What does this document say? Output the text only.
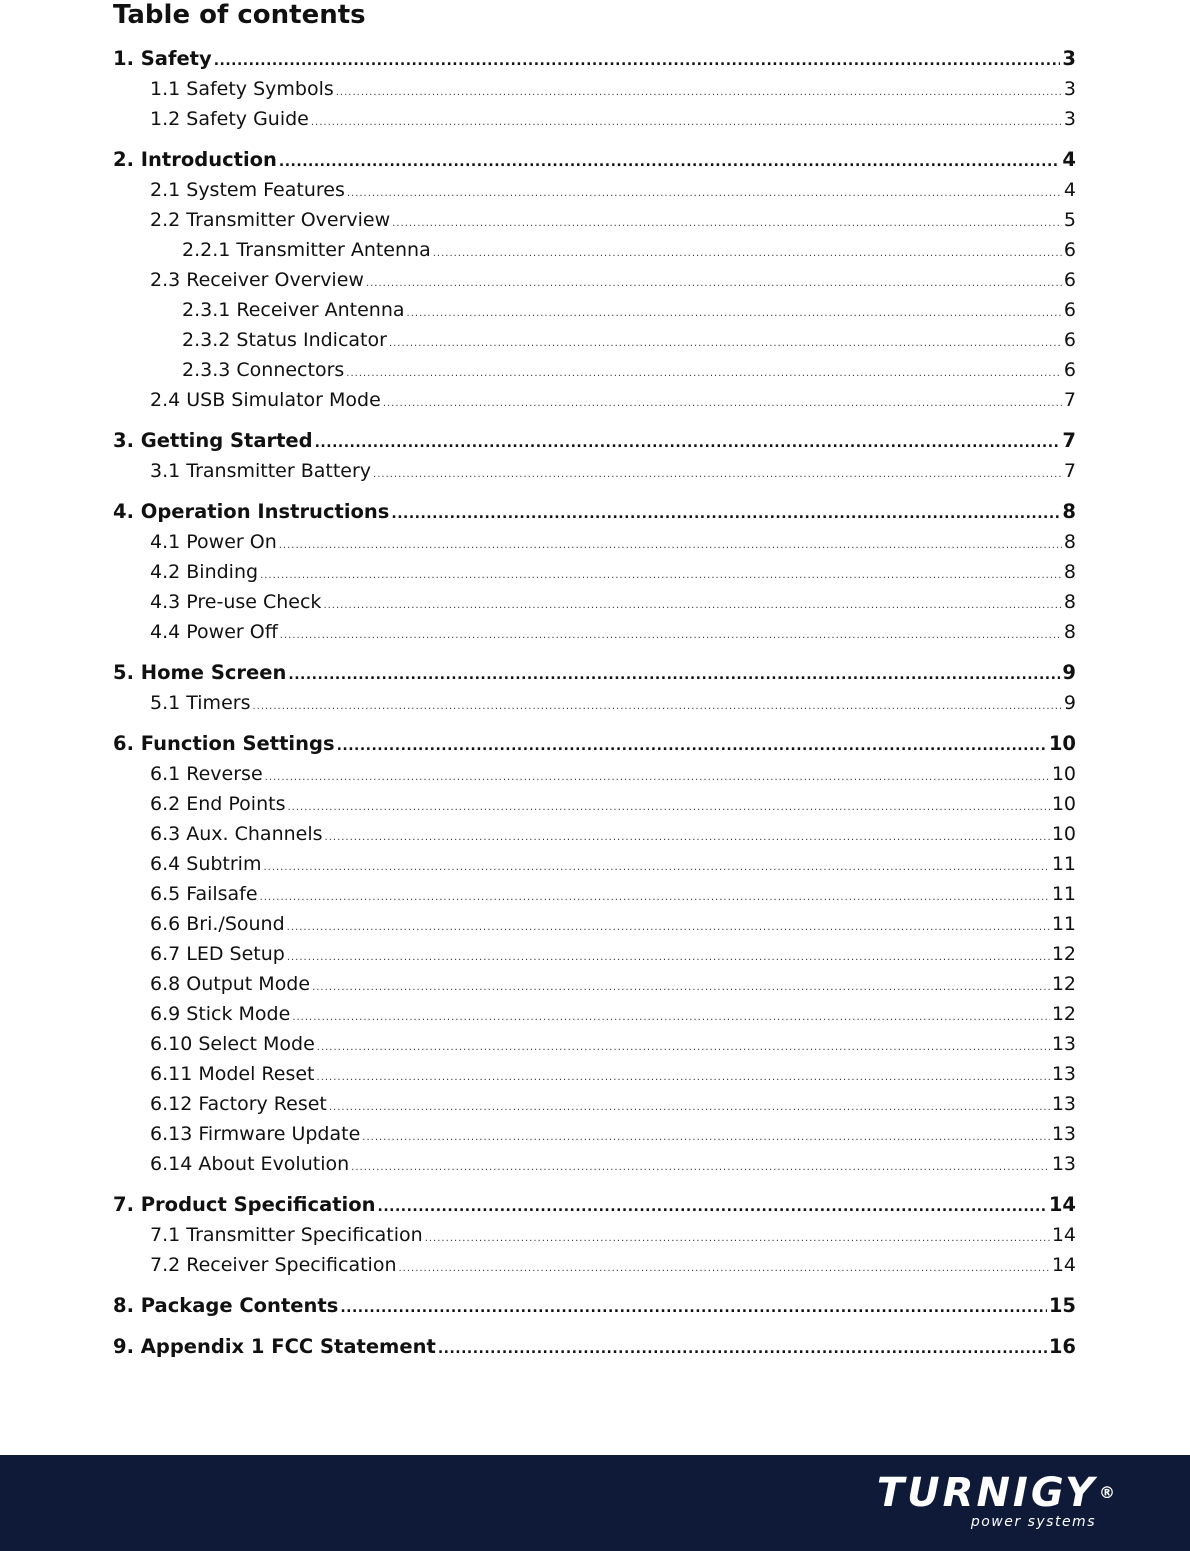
Table of contents
1. Safety .....	3
1.1 Safety Symbols .....	3
1.2 Safety Guide .....	3
2. Introduction .....	4
2.1 System Features .....	4
2.2 Transmitter Overview .....	5
2.2.1 Transmitter Antenna .....	6
2.3 Receiver Overview .....	6
2.3.1 Receiver Antenna .....	6
2.3.2 Status Indicator .....	6
2.3.3 Connectors .....	6
2.4 USB Simulator Mode .....	7
3. Getting Started .....	7
3.1 Transmitter Battery .....	7
4. Operation Instructions .....	8
4.1 Power On .....	8
4.2 Binding .....	8
4.3 Pre-use Check .....	8
4.4 Power Off .....	8
5. Home Screen .....	9
5.1 Timers .....	9
6. Function Settings .....	10
6.1 Reverse .....	10
6.2 End Points .....	10
6.3 Aux. Channels .....	10
6.4 Subtrim .....	11
6.5 Failsafe .....	11
6.6 Bri./Sound .....	11
6.7 LED Setup .....	12
6.8 Output Mode .....	12
6.9 Stick Mode .....	12
6.10 Select Mode .....	13
6.11 Model Reset .....	13
6.12 Factory Reset .....	13
6.13 Firmware Update .....	13
6.14 About Evolution .....	13
7. Product Specification .....	14
7.1 Transmitter Specification .....	14
7.2 Receiver Specification .....	14
8. Package Contents .....	15
9. Appendix 1 FCC Statement .....	16
TURNIGY ®
power systems
